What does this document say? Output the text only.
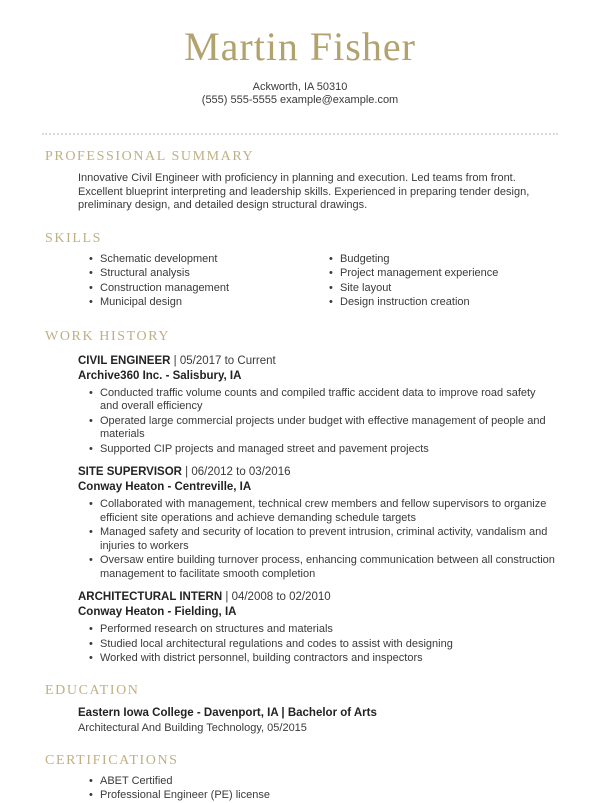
Martin Fisher
Ackworth, IA 50310
(555) 555-5555 example@example.com
PROFESSIONAL SUMMARY

Innovative Civil Engineer with proficiency in planning and execution. Led teams from front. Excellent blueprint interpreting and leadership skills. Experienced in preparing tender design, preliminary design, and detailed design structural drawings.

SKILLS
• Schematic development
• Structural analysis
• Construction management
• Municipal design
• Budgeting
• Project management experience
• Site layout
• Design instruction creation
WORK HISTORY
CIVIL ENGINEER | 05/2017 to Current
Archive360 Inc. - Salisbury, IA
• Conducted traffic volume counts and compiled traffic accident data to improve road safety and overall efficiency
• Operated large commercial projects under budget with effective management of people and materials
• Supported CIP projects and managed street and pavement projects
SITE SUPERVISOR | 06/2012 to 03/2016
Conway Heaton - Centreville, IA
• Collaborated with management, technical crew members and fellow supervisors to organize efficient site operations and achieve demanding schedule targets
• Managed safety and security of location to prevent intrusion, criminal activity, vandalism and injuries to workers
• Oversaw entire building turnover process, enhancing communication between all construction management to facilitate smooth completion
ARCHITECTURAL INTERN | 04/2008 to 02/2010
Conway Heaton - Fielding, IA
• Performed research on structures and materials
• Studied local architectural regulations and codes to assist with designing
• Worked with district personnel, building contractors and inspectors
EDUCATION
Eastern Iowa College - Davenport, IA | Bachelor of Arts
Architectural And Building Technology, 05/2015
CERTIFICATIONS
• ABET Certified
• Professional Engineer (PE) license
